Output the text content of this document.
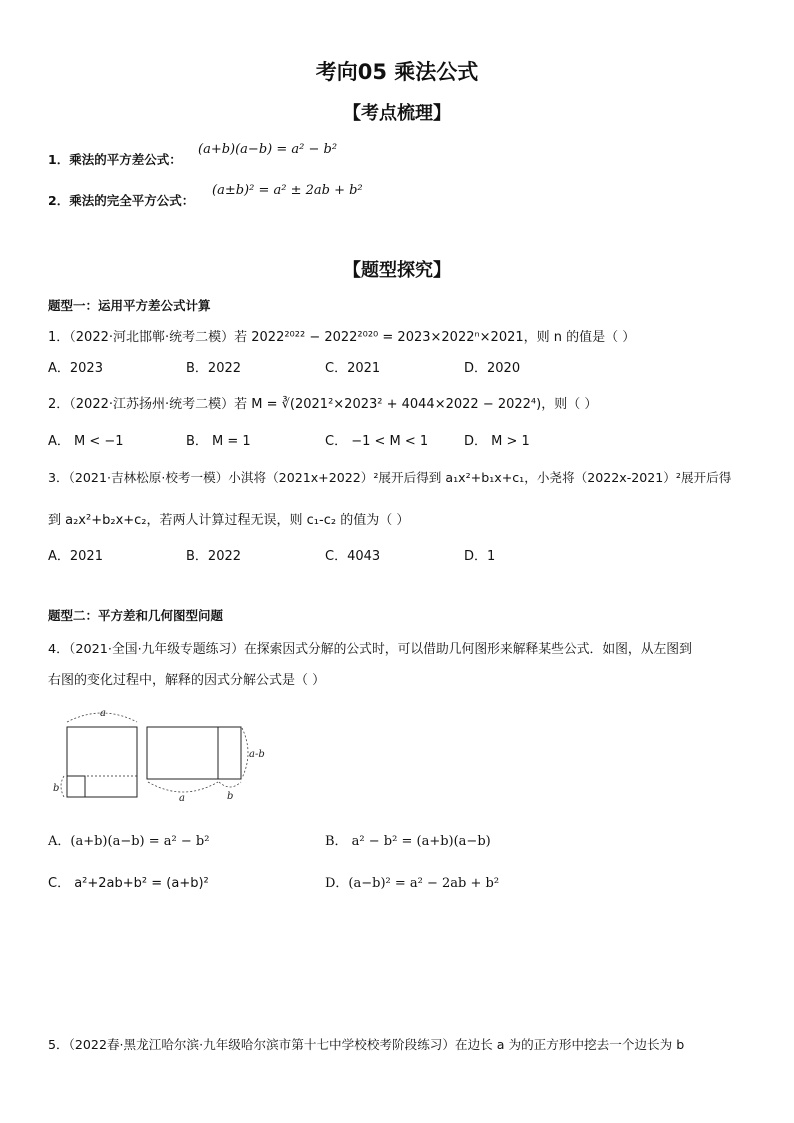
考向05 乘法公式
【考点梳理】
1．乘法的平方差公式：
(a+b)(a−b) = a² − b²
2．乘法的完全平方公式：
(a±b)² = a² ± 2ab + b²
【题型探究】
题型一：运用平方差公式计算
1．（2022·河北邯郸·统考二模）若 2022²⁰²² − 2022²⁰²⁰ = 2023×2022ⁿ×2021，则 n 的值是（ ）
A．2023	B．2022	C．2021	D．2020
2．（2022·江苏扬州·统考二模）若 M = ∛(2021²×2023² + 4044×2022 − 2022⁴)，则（ ）
A． M < −1	B． M = 1	C． −1 < M < 1	D． M > 1
3．（2021·吉林松原·校考一模）小淇将（2021x+2022）²展开后得到 a₁x²+b₁x+c₁，小尧将（2022x-2021）²展开后得
到 a₂x²+b₂x+c₂，若两人计算过程无误，则 c₁-c₂ 的值为（ ）
A．2021	B．2022	C．4043	D．1
题型二：平方差和几何图型问题
4．（2021·全国·九年级专题练习）在探索因式分解的公式时，可以借助几何图形来解释某些公式．如图，从左图到
右图的变化过程中，解释的因式分解公式是（ ）
a
b
a-b
a	b
A．(a+b)(a−b) = a² − b²	B． a² − b² = (a+b)(a−b)
C． a²+2ab+b² = (a+b)²	D．(a−b)² = a² − 2ab + b²
5．（2022春·黑龙江哈尔滨·九年级哈尔滨市第十七中学校校考阶段练习）在边长 a 为的正方形中挖去一个边长为 b
